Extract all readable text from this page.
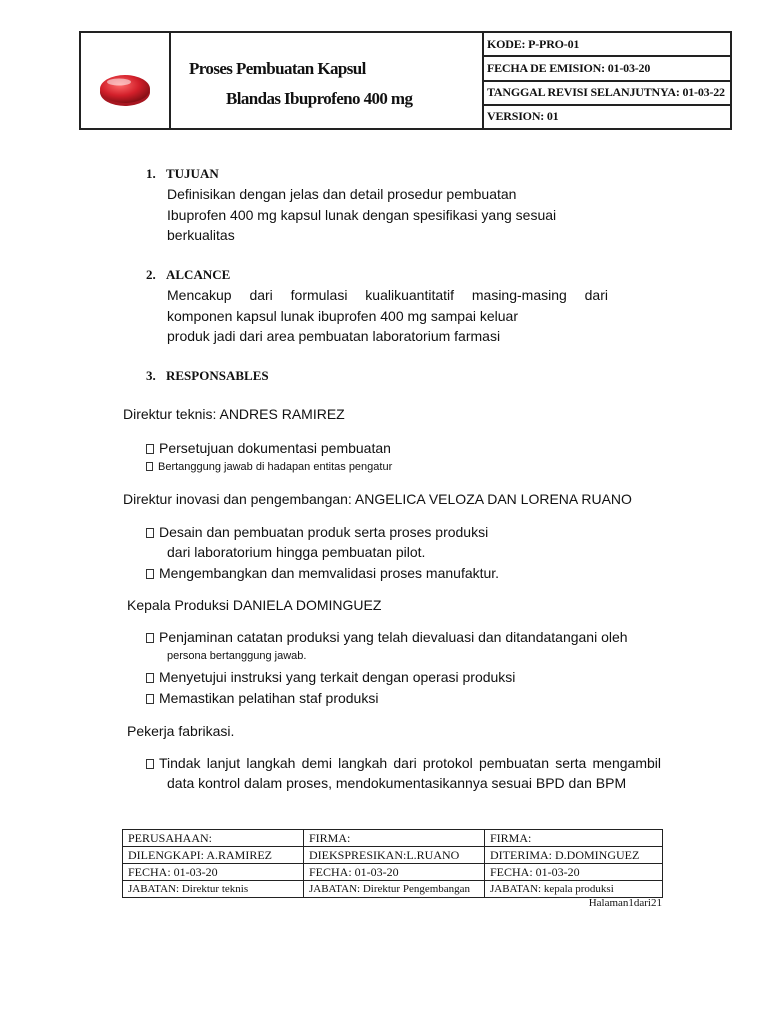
Proses Pembuatan Kapsul
Blandas Ibuprofeno 400 mg
KODE: P-PRO-01
FECHA DE EMISION: 01-03-20
TANGGAL REVISI SELANJUTNYA: 01-03-22
VERSION: 01
1. TUJUAN
Definisikan dengan jelas dan detail prosedur pembuatan
Ibuprofen 400 mg kapsul lunak dengan spesifikasi yang sesuai
berkualitas
2. ALCANCE
Mencakup dari formulasi kualikuantitatif masing-masing dari
komponen kapsul lunak ibuprofen 400 mg sampai keluar
produk jadi dari area pembuatan laboratorium farmasi
3. RESPONSABLES
Direktur teknis: ANDRES RAMIREZ
Persetujuan dokumentasi pembuatan
Bertanggung jawab di hadapan entitas pengatur
Direktur inovasi dan pengembangan: ANGELICA VELOZA DAN LORENA RUANO
Desain dan pembuatan produk serta proses produksi
dari laboratorium hingga pembuatan pilot.
Mengembangkan dan memvalidasi proses manufaktur.
Kepala Produksi DANIELA DOMINGUEZ
Penjaminan catatan produksi yang telah dievaluasi dan ditandatangani oleh
persona bertanggung jawab.
Menyetujui instruksi yang terkait dengan operasi produksi
Memastikan pelatihan staf produksi
Pekerja fabrikasi.
Tindak lanjut langkah demi langkah dari protokol pembuatan serta mengambil
data kontrol dalam proses, mendokumentasikannya sesuai BPD dan BPM
PERUSAHAAN:	FIRMA:	FIRMA:
DILENGKAPI: A.RAMIREZ	DIEKSPRESIKAN:L.RUANO	DITERIMA: D.DOMINGUEZ
FECHA: 01-03-20	FECHA: 01-03-20	FECHA: 01-03-20
JABATAN: Direktur teknis	JABATAN: Direktur Pengembangan	JABATAN: kepala produksi
Halaman1dari21
